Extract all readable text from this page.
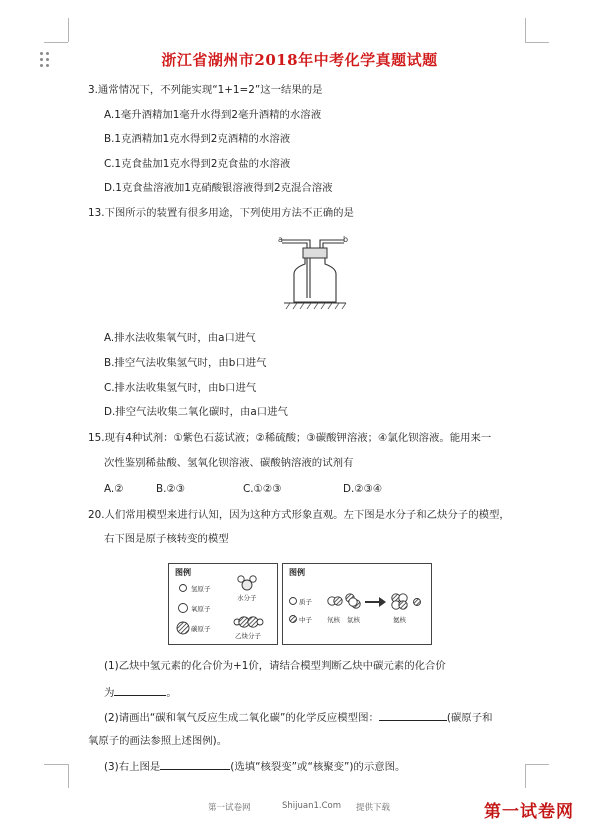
浙江省湖州市2018年中考化学真题试题
3.通常情况下，不列能实现“1+1=2”这一结果的是
A.1毫升酒精加1毫升水得到2毫升酒精的水溶液
B.1克酒精加1克水得到2克酒精的水溶液
C.1克食盐加1克水得到2克食盐的水溶液
D.1克食盐溶液加1克硝酸银溶液得到2克混合溶液
13.下图所示的装置有很多用途，下列使用方法不正确的是
a	b
A.排水法收集氧气时，由a口进气
B.排空气法收集氢气时，由b口进气
C.排水法收集氢气时，由b口进气
D.排空气法收集二氧化碳时，由a口进气
15.现有4种试剂：①紫色石蕊试液；②稀硫酸；③碳酸钾溶液；④氯化钡溶液。能用来一
次性鉴别稀盐酸、氢氧化钡溶液、碳酸钠溶液的试剂有
A.②	B.②③	C.①②③	D.②③④
20.人们常用模型来进行认知，因为这种方式形象直观。左下图是水分子和乙炔分子的模型，
右下图是原子核转变的模型
图例
氢原子
氧原子
碳原子
水分子
乙炔分子
图例
质子
中子 氘核 氚核	氦核
(1)乙炔中氢元素的化合价为+1价，请结合模型判断乙炔中碳元素的化合价
为	。
(2)请画出“碳和氧气反应生成二氧化碳”的化学反应模型图：	(碳原子和
氧原子的画法参照上述图例)。
(3)右上图是	(选填“核裂变”或“核聚变”)的示意图。
第一试卷网	Shijuan1.Com 提供下载	第一试卷网
